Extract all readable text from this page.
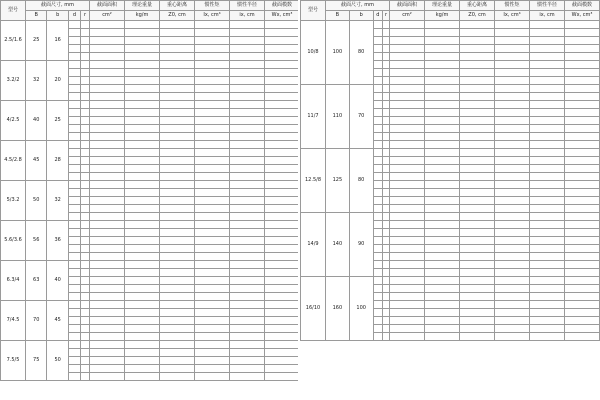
型号	截面尺寸, mm				截面面积	理论重量	重心距离	惯性矩	惯性半径	截面模数
	B	b	d	r	cm²	kg/m	Z0, cm	Ix, cm⁴	ix, cm	Wx, cm³
2.5/1.6	25	16								

3.2/2	32	20								

4/2.5	40	25								

4.5/2.8	45	28								

5/3.2	50	32								

5.6/3.6	56	36								

6.3/4	63	40								

7/4.5	70	45								

7.5/5	75	50								

型号	截面尺寸, mm				截面面积	理论重量	重心距离	惯性矩	惯性半径	截面模数
	B	b	d	r	cm²	kg/m	Z0, cm	Ix, cm⁴	ix, cm	Wx, cm³
10/8	100	80								

11/7	110	70								

12.5/8	125	80								

14/9	140	90								

16/10	160	100								
